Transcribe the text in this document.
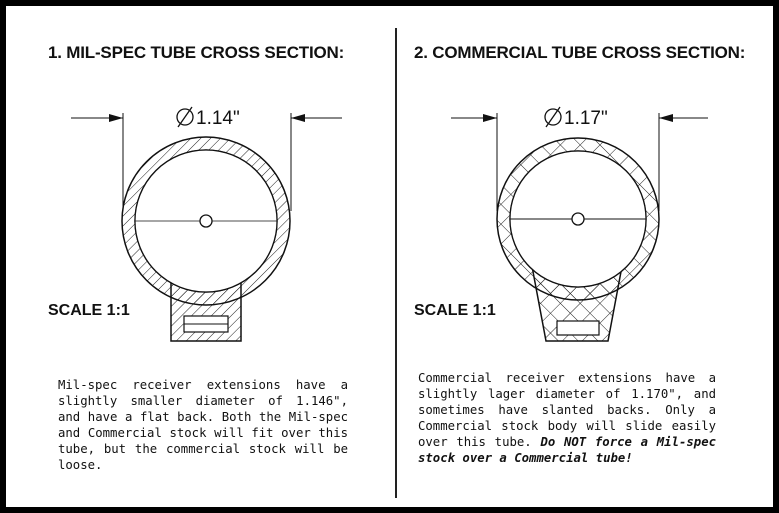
1. MIL-SPEC TUBE CROSS SECTION:	2. COMMERCIAL TUBE CROSS SECTION:
1.14"	1.17"
SCALE 1:1	SCALE 1:1
Mil-spec receiver extensions have a slightly smaller diameter of 1.146", and have a flat back. Both the Mil-spec and Commercial stock will fit over this tube, but the commercial stock will be loose.
Commercial receiver extensions have a slightly lager diameter of 1.170", and sometimes have slanted backs. Only a Commercial stock body will slide easily over this tube. Do NOT force a Mil-spec stock over a Commercial tube!
